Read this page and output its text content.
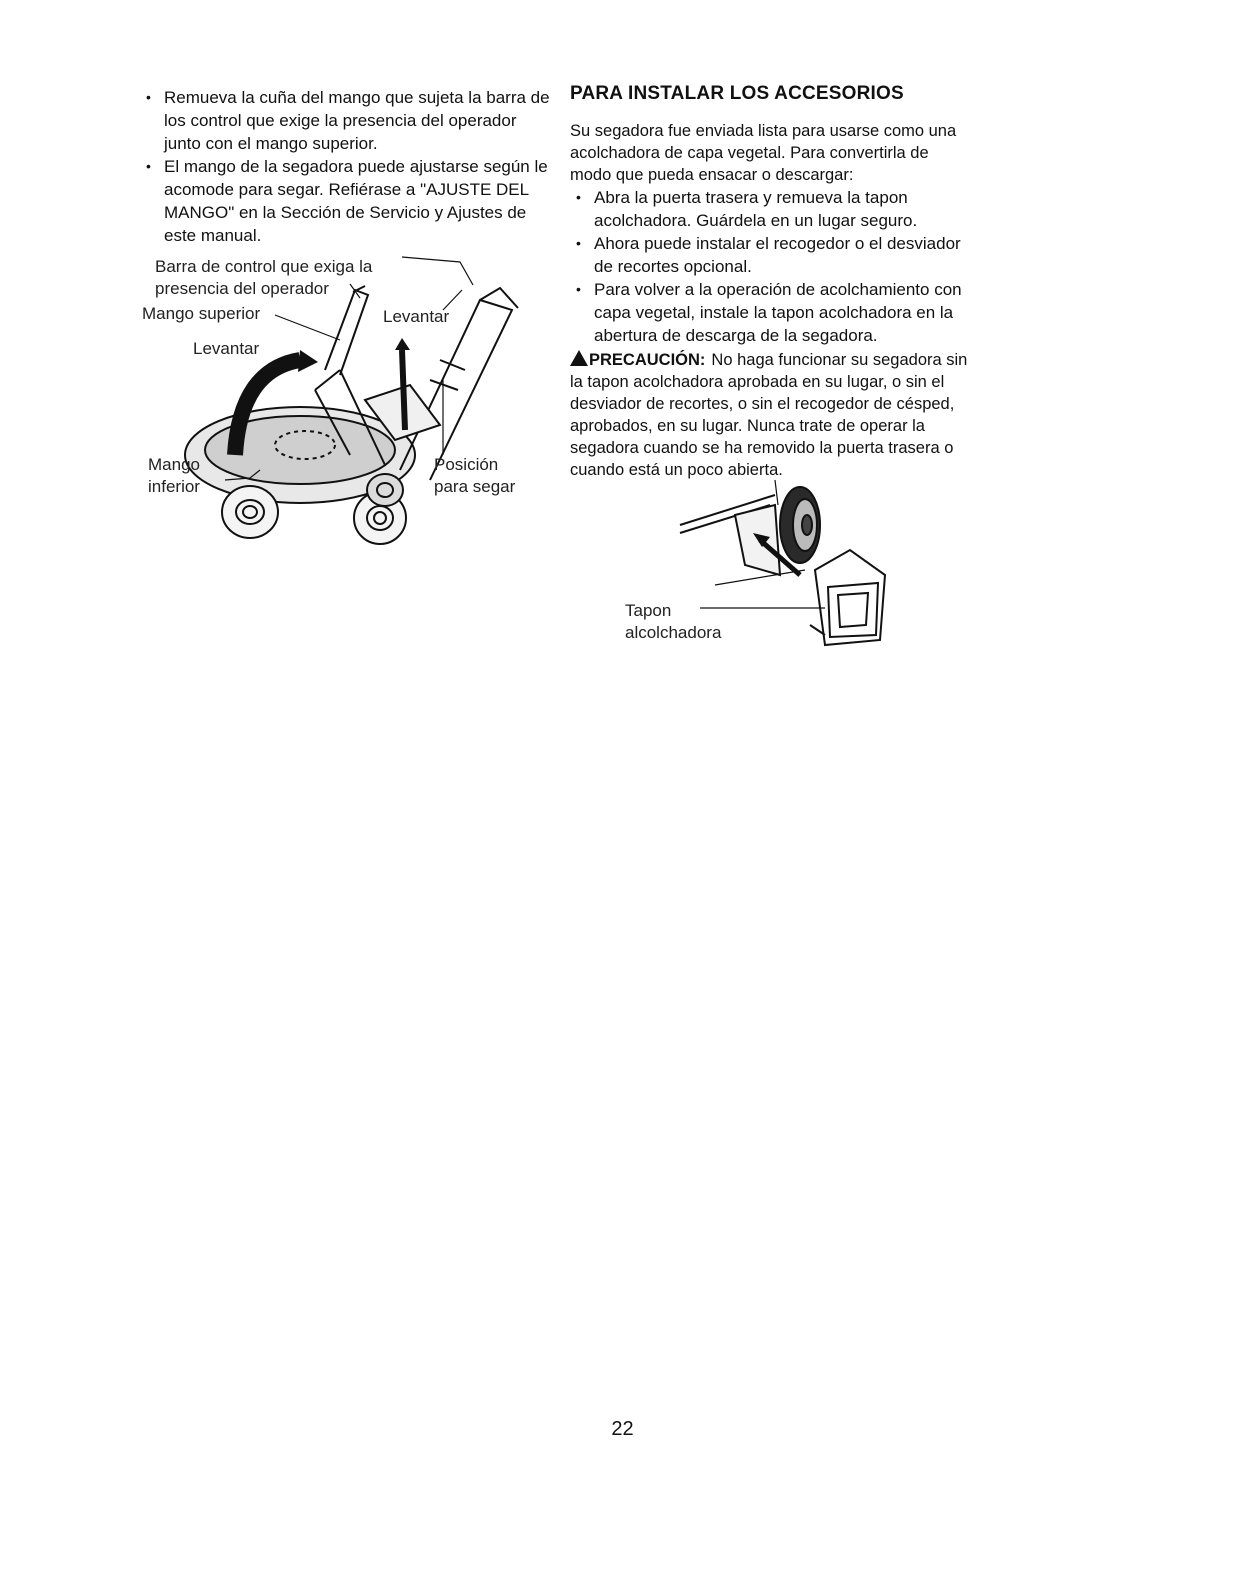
• Remueva la cuña del mango que sujeta la barra de los control que exige la presencia del operador junto con el mango superior.
• El mango de la segadora puede ajustarse según le acomode para segar. Refiérase a "AJUSTE DEL MANGO" en la Sección de Servicio y Ajustes de este manual.
Barra de control que exiga la
presencia del operador
Mango superior
Levantar
Levantar
Mango
inferior
Posición
para segar
PARA INSTALAR LOS ACCESORIOS

Su segadora fue enviada lista para usarse como una acolchadora de capa vegetal. Para convertirla de modo que pueda ensacar o descargar:

• Abra la puerta trasera y remueva la tapon acolchadora. Guárdela en un lugar seguro.
• Ahora puede instalar el recogedor o el desviador de recortes opcional.
• Para volver a la operación de acolchamiento con capa vegetal, instale la tapon acolchadora en la abertura de descarga de la segadora.

PRECAUCIÓN: No haga funcionar su segadora sin la tapon acolchadora aprobada en su lugar, o sin el desviador de recortes, o sin el recogedor de césped, aprobados, en su lugar. Nunca trate de operar la segadora cuando se ha removido la puerta trasera o cuando está un poco abierta.

Tapon
alcolchadora
22
